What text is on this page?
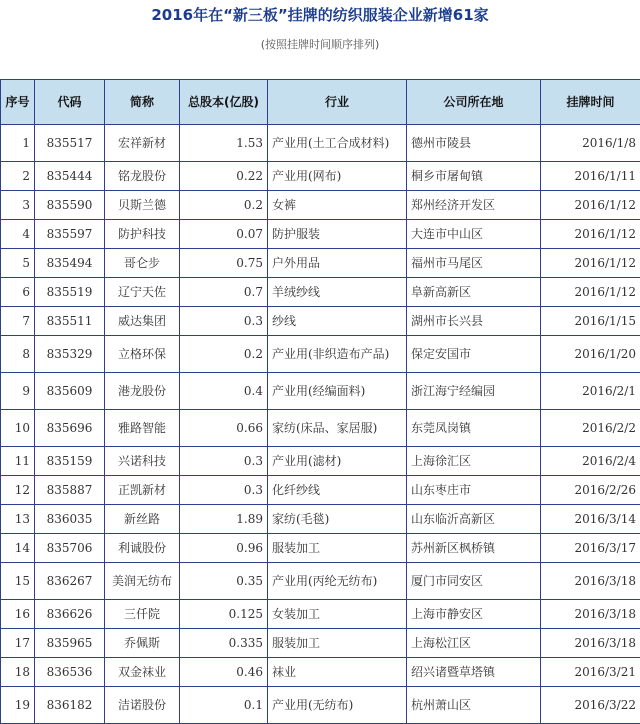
2016年在“新三板”挂牌的纺织服装企业新增61家
(按照挂牌时间顺序排列)
序号	代码	简称	总股本(亿股)	行业	公司所在地	挂牌时间
1	835517	宏祥新材	1.53	产业用(土工合成材料)	德州市陵县	2016/1/8
2	835444	铭龙股份	0.22	产业用(网布)	桐乡市屠甸镇	2016/1/11
3	835590	贝斯兰德	0.2	女裤	郑州经济开发区	2016/1/12
4	835597	防护科技	0.07	防护服装	大连市中山区	2016/1/12
5	835494	哥仑步	0.75	户外用品	福州市马尾区	2016/1/12
6	835519	辽宁天佐	0.7	羊绒纱线	阜新高新区	2016/1/12
7	835511	威达集团	0.3	纱线	湖州市长兴县	2016/1/15
8	835329	立格环保	0.2	产业用(非织造布产品)	保定安国市	2016/1/20
9	835609	港龙股份	0.4	产业用(经编面料)	浙江海宁经编园	2016/2/1
10	835696	雅路智能	0.66	家纺(床品、家居服)	东莞凤岗镇	2016/2/2
11	835159	兴诺科技	0.3	产业用(滤材)	上海徐汇区	2016/2/4
12	835887	正凯新材	0.3	化纤纱线	山东枣庄市	2016/2/26
13	836035	新丝路	1.89	家纺(毛毯)	山东临沂高新区	2016/3/14
14	835706	利诚股份	0.96	服装加工	苏州新区枫桥镇	2016/3/17
15	836267	美润无纺布	0.35	产业用(丙纶无纺布)	厦门市同安区	2016/3/18
16	836626	三仟院	0.125	女装加工	上海市静安区	2016/3/18
17	835965	乔佩斯	0.335	服装加工	上海松江区	2016/3/18
18	836536	双金袜业	0.46	袜业	绍兴诸暨草塔镇	2016/3/21
19	836182	洁诺股份	0.1	产业用(无纺布)	杭州萧山区	2016/3/22
